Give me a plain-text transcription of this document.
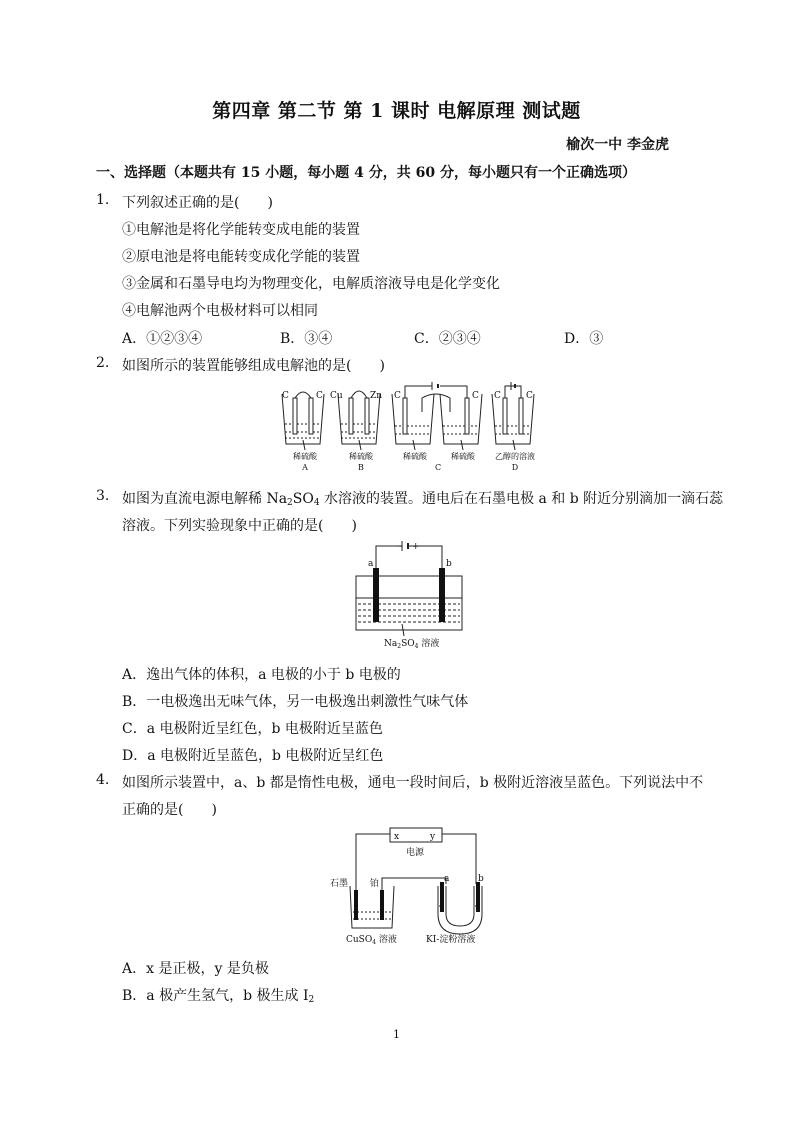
第四章 第二节 第 1 课时 电解原理 测试题
榆次一中 李金虎
一、选择题（本题共有 15 小题，每小题 4 分，共 60 分，每小题只有一个正确选项）
1. 下列叙述正确的是(　　)
①电解池是将化学能转变成电能的装置
②原电池是将电能转变成化学能的装置
③金属和石墨导电均为物理变化，电解质溶液导电是化学变化
④电解池两个电极材料可以相同
A．①②③④	B．③④	C．②③④	D．③
2. 如图所示的装置能够组成电解池的是(　　)
C	C Cu	Zn C	C C	C
稀硫酸	稀硫酸	稀硫酸	稀硫酸	乙醇的溶液
A	B	C	D
3. 如图为直流电源电解稀 $Na_2SO_4$ 水溶液的装置。通电后在石墨电极 a 和 b 附近分别滴加一滴石蕊
溶液。下列实验现象中正确的是(　　)
a	b
− +
$Na_2SO_4$ 溶液
A．逸出气体的体积，a 电极的小于 b 电极的
B．一电极逸出无味气体，另一电极逸出刺激性气味气体
C．a 电极附近呈红色，b 电极附近呈蓝色
D．a 电极附近呈蓝色，b 电极附近呈红色
4. 如图所示装置中，a、b 都是惰性电极，通电一段时间后，b 极附近溶液呈蓝色。下列说法中不
正确的是(　　)
x	y
电源
石墨 铂	a	b
CuSO$_4$ 溶液	KI-淀粉溶液
A．x 是正极，y 是负极
B．a 极产生氢气，b 极生成 $I_2$
1
